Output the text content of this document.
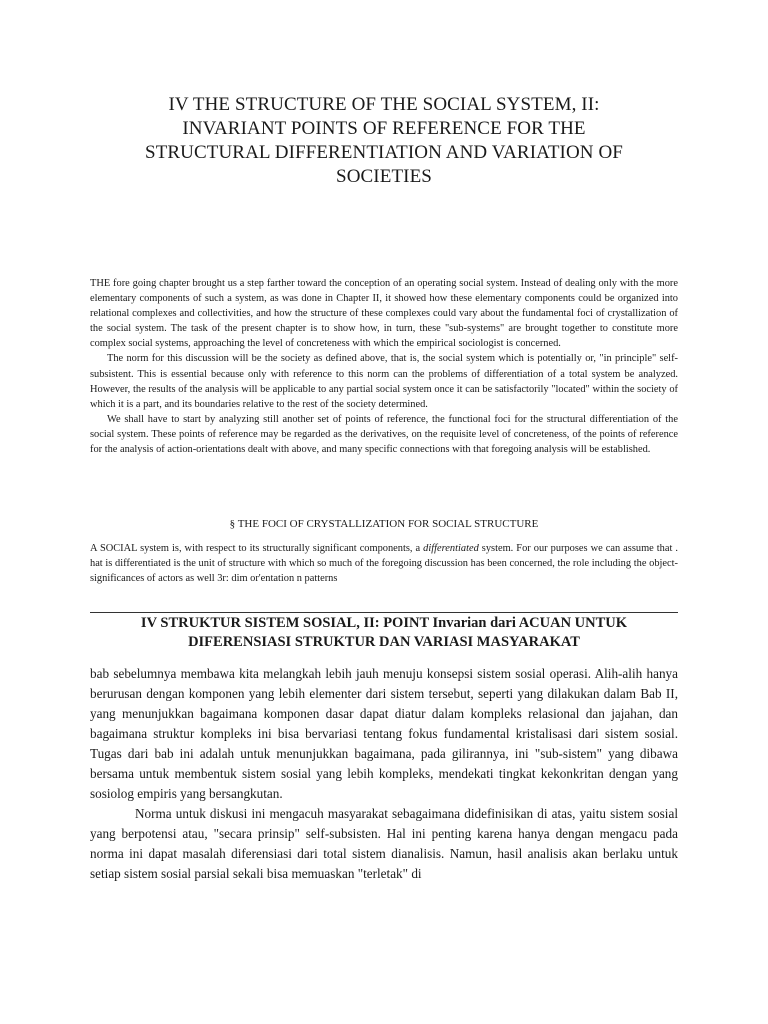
IV THE STRUCTURE OF THE SOCIAL SYSTEM, II:
INVARIANT POINTS OF REFERENCE FOR THE
STRUCTURAL DIFFERENTIATION AND VARIATION OF
SOCIETIES

THE fore going chapter brought us a step farther toward the conception of an operating social system. Instead of dealing only with the more elementary components of such a system, as was done in Chapter II, it showed how these elementary components could be organized into relational complexes and collectivities, and how the structure of these complexes could vary about the fundamental foci of crystallization of the social system. The task of the present chapter is to show how, in turn, these "sub-systems" are brought together to constitute more complex social systems, approaching the level of concreteness with which the empirical sociologist is concerned.

The norm for this discussion will be the society as defined above, that is, the social system which is potentially or, "in principle" self-subsistent. This is essential because only with reference to this norm can the problems of differentiation of a total system be analyzed. However, the results of the analysis will be applicable to any partial social system once it can be satisfactorily "located" within the society of which it is a part, and its boundaries relative to the rest of the society determined.

We shall have to start by analyzing still another set of points of reference, the functional foci for the structural differentiation of the social system. These points of reference may be regarded as the derivatives, on the requisite level of concreteness, of the points of reference for the analysis of action-orientations dealt with above, and many specific connections with that foregoing analysis will be established.

§ THE FOCI OF CRYSTALLIZATION FOR SOCIAL STRUCTURE

A SOCIAL system is, with respect to its structurally significant components, a differentiated system. For our purposes we can assume that . hat is differentiated is the unit of structure with which so much of the foregoing discussion has been concerned, the role including the object-significances of actors as well 3r: dim or'entation n patterns

IV STRUKTUR SISTEM SOSIAL, II: POINT Invarian dari ACUAN UNTUK
DIFERENSIASI STRUKTUR DAN VARIASI MASYARAKAT

bab sebelumnya membawa kita melangkah lebih jauh menuju konsepsi sistem sosial operasi. Alih-alih hanya berurusan dengan komponen yang lebih elementer dari sistem tersebut, seperti yang dilakukan dalam Bab II, yang menunjukkan bagaimana komponen dasar dapat diatur dalam kompleks relasional dan jajahan, dan bagaimana struktur kompleks ini bisa bervariasi tentang fokus fundamental kristalisasi dari sistem sosial. Tugas dari bab ini adalah untuk menunjukkan bagaimana, pada gilirannya, ini "sub-sistem" yang dibawa bersama untuk membentuk sistem sosial yang lebih kompleks, mendekati tingkat kekonkritan dengan yang sosiolog empiris yang bersangkutan.

Norma untuk diskusi ini mengacuh masyarakat sebagaimana didefinisikan di atas, yaitu sistem sosial yang berpotensi atau, "secara prinsip" self-subsisten. Hal ini penting karena hanya dengan mengacu pada norma ini dapat masalah diferensiasi dari total sistem dianalisis. Namun, hasil analisis akan berlaku untuk setiap sistem sosial parsial sekali bisa memuaskan "terletak" di
